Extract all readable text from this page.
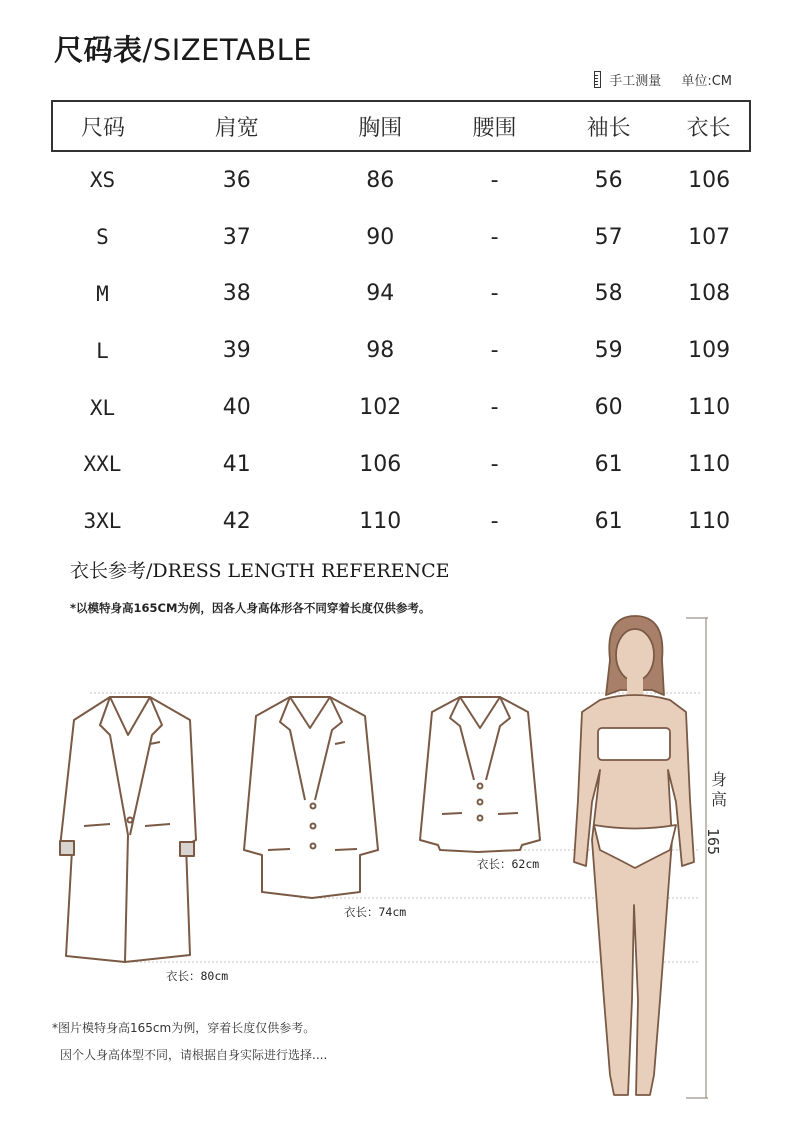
尺码表/SIZETABLE
手工测量 单位:CM
尺码	肩宽	胸围	腰围	袖长	衣长
XS	36	86	-	56	106
S	37	90	-	57	107
M	38	94	-	58	108
L	39	98	-	59	109
XL	40	102	-	60	110
XXL	41	106	-	61	110
3XL	42	110	-	61	110
衣长参考/DRESS LENGTH REFERENCE
*以模特身高165CM为例，因各人身高体形各不同穿着长度仅供参考。
衣长：80cm
衣长：74cm
衣长：62cm
身高
165
*图片模特身高165cm为例，穿着长度仅供参考。
因个人身高体型不同，请根据自身实际进行选择....
